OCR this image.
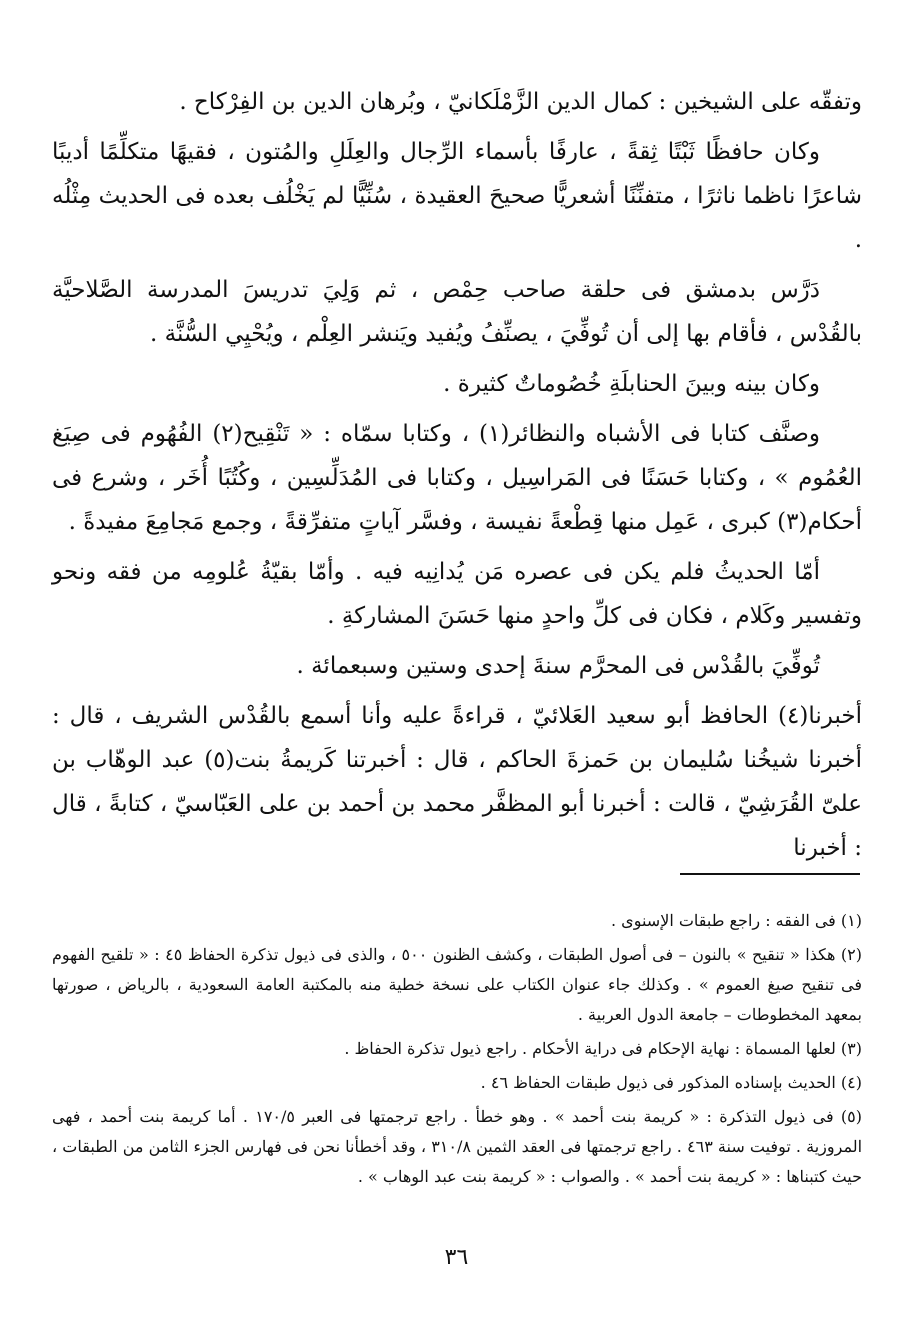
وتفقّه على الشيخين : كمال الدين الزَّمْلَكانيّ ، وبُرهان الدين بن الفِرْكاح .

وكان حافظًا ثَبْتًا ثِقةً ، عارفًا بأسماء الرِّجال والعِلَلِ والمُتون ، فقيهًا متكلِّمًا أديبًا شاعرًا ناظما ناثرًا ، متفنِّنًا أشعريًّا صحيحَ العقيدة ، سُنِّيًّا لم يَخْلُف بعده فى الحديث مِثْلُه .

دَرَّس بدمشق فى حلقة صاحب حِمْص ، ثم وَلِيَ تدريسَ المدرسة الصَّلاحيَّة بالقُدْس ، فأقام بها إلى أن تُوفِّيَ ، يصنِّفُ ويُفيد ويَنشر العِلْم ، ويُحْيِي السُّنَّة .

وكان بينه وبينَ الحنابلَةِ خُصُوماتٌ كثيرة .

وصنَّف كتابا فى الأشباه والنظائر(١) ، وكتابا سمّاه : « تَنْقِيح(٢) الفُهُوم فى صِيَغ العُمُوم » ، وكتابا حَسَنًا فى المَراسِيل ، وكتابا فى المُدَلِّسِين ، وكُتُبًا أُخَر ، وشرع فى أحكام(٣) كبرى ، عَمِل منها قِطْعةً نفيسة ، وفسَّر آياتٍ متفرِّقةً ، وجمع مَجامِعَ مفيدةً .

أمّا الحديثُ فلم يكن فى عصره مَن يُدانِيه فيه . وأمّا بقيّةُ عُلومِه من فقه ونحو وتفسير وكَلام ، فكان فى كلِّ واحدٍ منها حَسَنَ المشاركةِ .

تُوفِّيَ بالقُدْس فى المحرَّم سنةَ إحدى وستين وسبعمائة .

أخبرنا(٤) الحافظ أبو سعيد العَلائيّ ، قراءةً عليه وأنا أسمع بالقُدْس الشريف ، قال : أخبرنا شيخُنا سُليمان بن حَمزةَ الحاكم ، قال : أخبرتنا كَريمةُ بنت(٥) عبد الوهّاب بن علىّ القُرَشِيّ ، قالت : أخبرنا أبو المظفَّر محمد بن أحمد بن على العَبّاسيّ ، كتابةً ، قال : أخبرنا

(١) فى الفقه : راجع طبقات الإسنوى .

(٢) هكذا « تنقيح » بالنون – فى أصول الطبقات ، وكشف الظنون ٥٠٠ ، والذى فى ذيول تذكرة الحفاظ ٤٥ : « تلقيح الفهوم فى تنقيح صيغ العموم » . وكذلك جاء عنوان الكتاب على نسخة خطية منه بالمكتبة العامة السعودية ، بالرياض ، صورتها بمعهد المخطوطات – جامعة الدول العربية .

(٣) لعلها المسماة : نهاية الإحكام فى دراية الأحكام . راجع ذيول تذكرة الحفاظ .

(٤) الحديث بإسناده المذكور فى ذيول طبقات الحفاظ ٤٦ .

(٥) فى ذيول التذكرة : « كريمة بنت أحمد » . وهو خطأ . راجع ترجمتها فى العبر ١٧٠/٥ . أما كريمة بنت أحمد ، فهى المروزية . توفيت سنة ٤٦٣ . راجع ترجمتها فى العقد الثمين ٣١٠/٨ ، وقد أخطأنا نحن فى فهارس الجزء الثامن من الطبقات ، حيث كتبناها : « كريمة بنت أحمد » . والصواب : « كريمة بنت عبد الوهاب » .

٣٦
